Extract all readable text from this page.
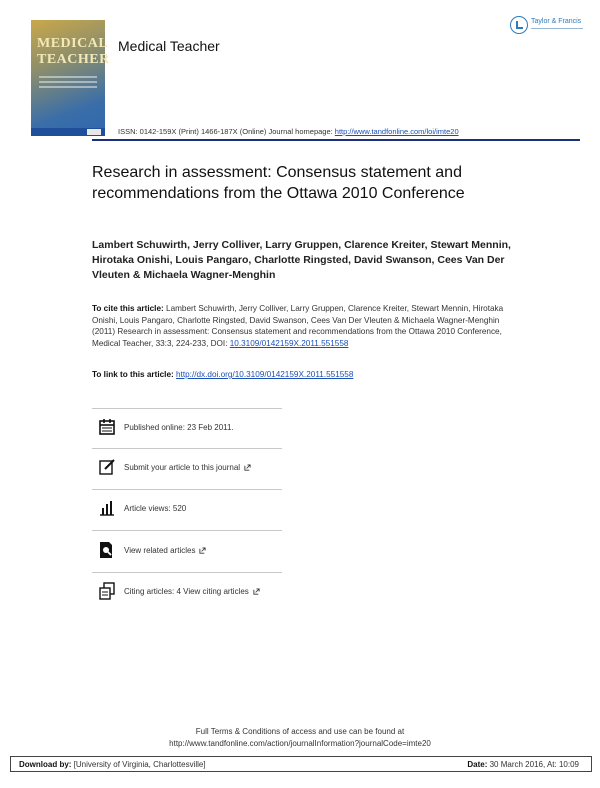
MEDICAL
TEACHER
Medical Teacher
Taylor & Francis
ISSN: 0142-159X (Print) 1466-187X (Online) Journal homepage: http://www.tandfonline.com/loi/imte20
Research in assessment: Consensus statement and recommendations from the Ottawa 2010 Conference
Lambert Schuwirth, Jerry Colliver, Larry Gruppen, Clarence Kreiter, Stewart Mennin, Hirotaka Onishi, Louis Pangaro, Charlotte Ringsted, David Swanson, Cees Van Der Vleuten & Michaela Wagner-Menghin
To cite this article: Lambert Schuwirth, Jerry Colliver, Larry Gruppen, Clarence Kreiter, Stewart Mennin, Hirotaka Onishi, Louis Pangaro, Charlotte Ringsted, David Swanson, Cees Van Der Vleuten & Michaela Wagner-Menghin (2011) Research in assessment: Consensus statement and recommendations from the Ottawa 2010 Conference, Medical Teacher, 33:3, 224-233, DOI: 10.3109/0142159X.2011.551558
To link to this article: http://dx.doi.org/10.3109/0142159X.2011.551558
Published online: 23 Feb 2011.
Submit your article to this journal
Article views: 520
View related articles
Citing articles: 4 View citing articles
Full Terms & Conditions of access and use can be found at
http://www.tandfonline.com/action/journalInformation?journalCode=imte20
Download by: [University of Virginia, Charlottesville]	Date: 30 March 2016, At: 10:09
